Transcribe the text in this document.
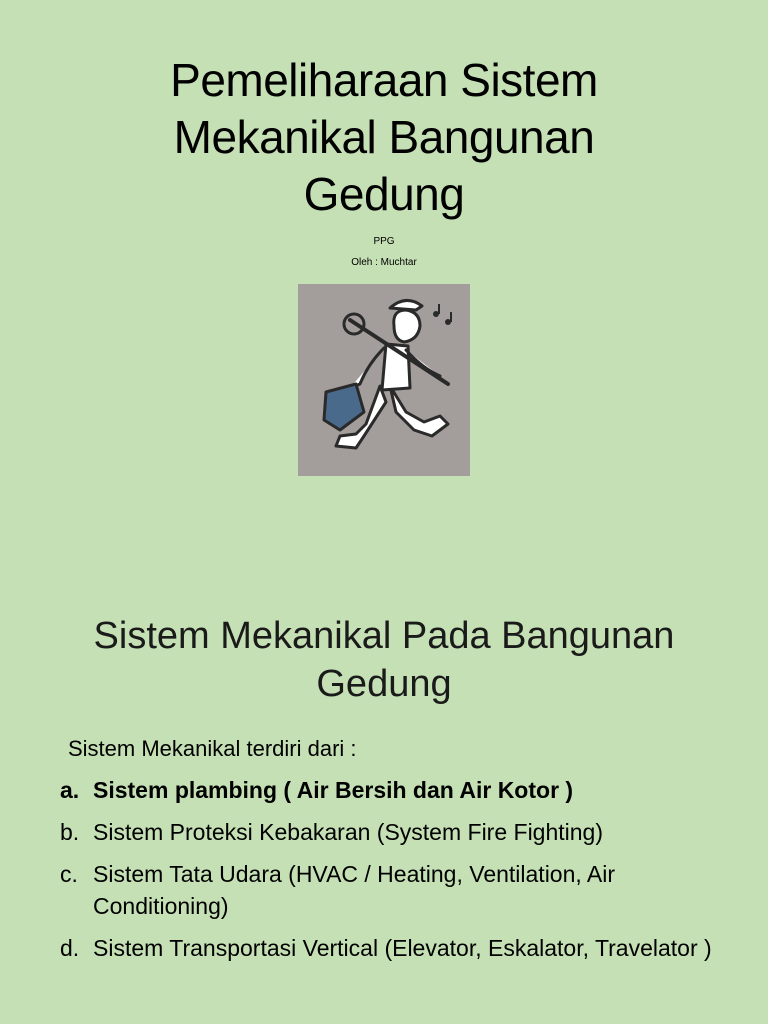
Pemeliharaan Sistem
Mekanikal Bangunan
Gedung
PPG
Oleh : Muchtar
Sistem Mekanikal Pada Bangunan
Gedung
Sistem Mekanikal terdiri dari :
a. Sistem plambing ( Air Bersih dan Air Kotor )
b. Sistem Proteksi Kebakaran (System Fire Fighting)
c. Sistem Tata Udara (HVAC / Heating, Ventilation, Air Conditioning)
d. Sistem Transportasi Vertical (Elevator, Eskalator, Travelator )
